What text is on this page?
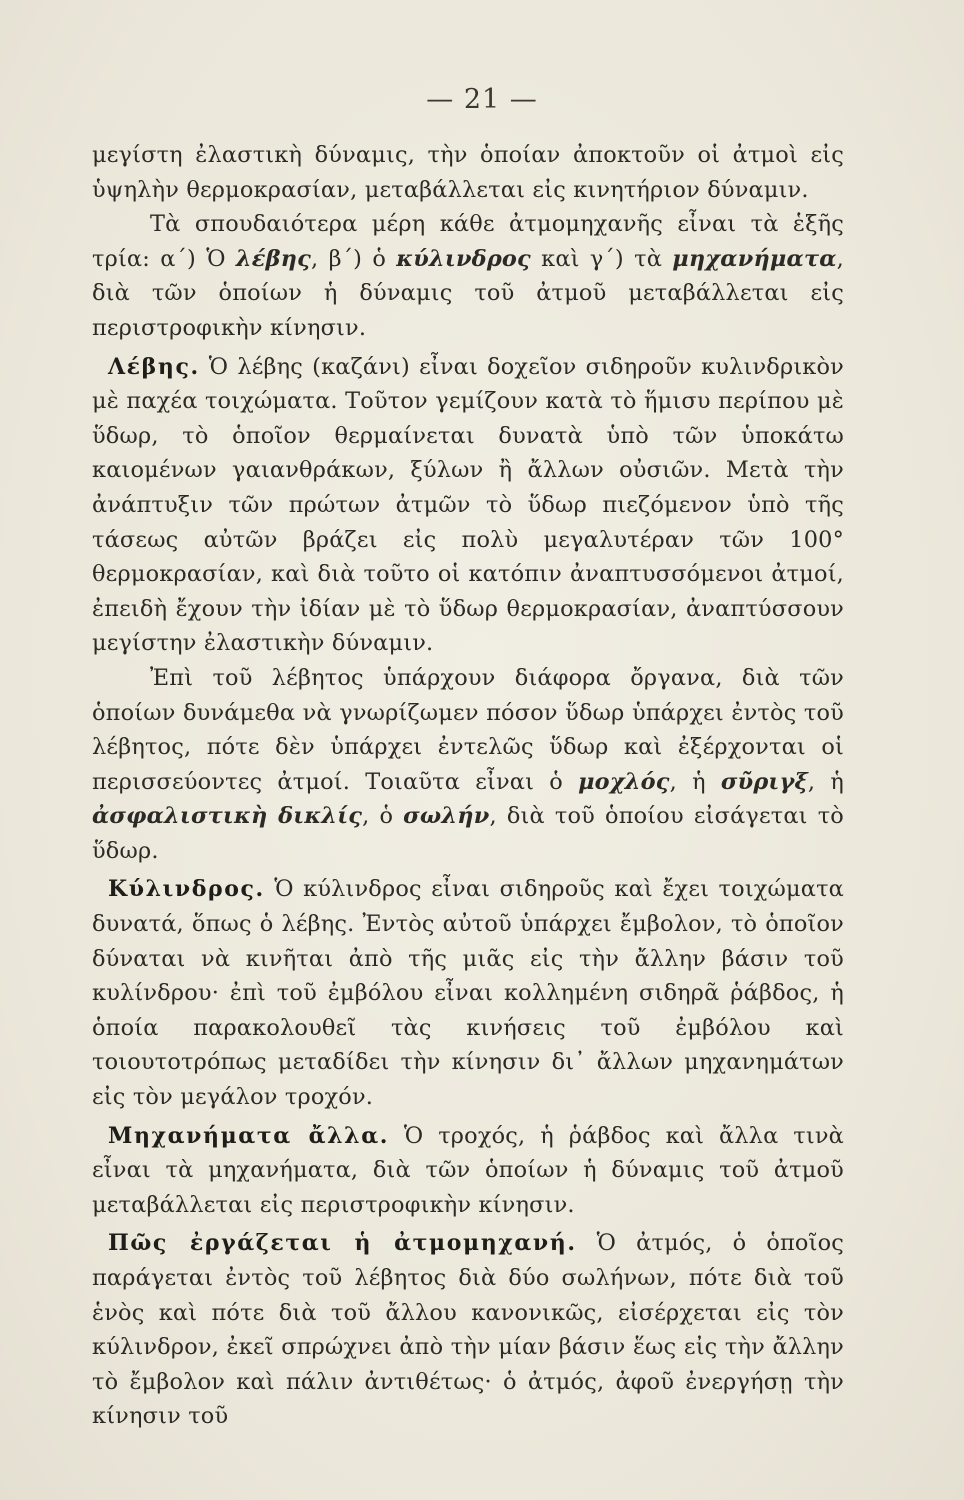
— 21 —

μεγίστη ἐλαστικὴ δύναμις, τὴν ὁποίαν ἀποκτοῦν οἱ ἀτμοὶ εἰς ὑψηλὴν θερμοκρασίαν, μεταβάλλεται εἰς κινητήριον δύναμιν.

Τὰ σπουδαιότερα μέρη κάθε ἀτμομηχανῆς εἶναι τὰ ἑξῆς τρία: α΄) Ὁ λέβης, β΄) ὁ κύλινδρος καὶ γ΄) τὰ μηχανήματα, διὰ τῶν ὁποίων ἡ δύναμις τοῦ ἀτμοῦ μεταβάλλεται εἰς περιστροφικὴν κίνησιν.

Λέβης. Ὁ λέβης (καζάνι) εἶναι δοχεῖον σιδηροῦν κυλινδρικὸν μὲ παχέα τοιχώματα. Τοῦτον γεμίζουν κατὰ τὸ ἥμισυ περίπου μὲ ὕδωρ, τὸ ὁποῖον θερμαίνεται δυνατὰ ὑπὸ τῶν ὑποκάτω καιομένων γαιανθράκων, ξύλων ἢ ἄλλων οὐσιῶν. Μετὰ τὴν ἀνάπτυξιν τῶν πρώτων ἀτμῶν τὸ ὕδωρ πιεζόμενον ὑπὸ τῆς τάσεως αὐτῶν βράζει εἰς πολὺ μεγαλυτέραν τῶν 100° θερμοκρασίαν, καὶ διὰ τοῦτο οἱ κατόπιν ἀναπτυσσόμενοι ἀτμοί, ἐπειδὴ ἔχουν τὴν ἰδίαν μὲ τὸ ὕδωρ θερμοκρασίαν, ἀναπτύσσουν μεγίστην ἐλαστικὴν δύναμιν.

Ἐπὶ τοῦ λέβητος ὑπάρχουν διάφορα ὄργανα, διὰ τῶν ὁποίων δυνάμεθα νὰ γνωρίζωμεν πόσον ὕδωρ ὑπάρχει ἐντὸς τοῦ λέβητος, πότε δὲν ὑπάρχει ἐντελῶς ὕδωρ καὶ ἐξέρχονται οἱ περισσεύοντες ἀτμοί. Τοιαῦτα εἶναι ὁ μοχλός, ἡ σῦριγξ, ἡ ἀσφαλιστικὴ δικλίς, ὁ σωλήν, διὰ τοῦ ὁποίου εἰσάγεται τὸ ὕδωρ.

Κύλινδρος. Ὁ κύλινδρος εἶναι σιδηροῦς καὶ ἔχει τοιχώματα δυνατά, ὅπως ὁ λέβης. Ἐντὸς αὐτοῦ ὑπάρχει ἔμβολον, τὸ ὁποῖον δύναται νὰ κινῆται ἀπὸ τῆς μιᾶς εἰς τὴν ἄλλην βάσιν τοῦ κυλίνδρου· ἐπὶ τοῦ ἐμβόλου εἶναι κολλημένη σιδηρᾶ ῥάβδος, ἡ ὁποία παρακολουθεῖ τὰς κινήσεις τοῦ ἐμβόλου καὶ τοιουτοτρόπως μεταδίδει τὴν κίνησιν δι᾽ ἄλλων μηχανημάτων εἰς τὸν μεγάλον τροχόν.

Μηχανήματα ἄλλα. Ὁ τροχός, ἡ ῥάβδος καὶ ἄλλα τινὰ εἶναι τὰ μηχανήματα, διὰ τῶν ὁποίων ἡ δύναμις τοῦ ἀτμοῦ μεταβάλλεται εἰς περιστροφικὴν κίνησιν.

Πῶς ἐργάζεται ἡ ἀτμομηχανή. Ὁ ἀτμός, ὁ ὁποῖος παράγεται ἐντὸς τοῦ λέβητος διὰ δύο σωλήνων, πότε διὰ τοῦ ἑνὸς καὶ πότε διὰ τοῦ ἄλλου κανονικῶς, εἰσέρχεται εἰς τὸν κύλινδρον, ἐκεῖ σπρώχνει ἀπὸ τὴν μίαν βάσιν ἕως εἰς τὴν ἄλλην τὸ ἔμβολον καὶ πάλιν ἀντιθέτως· ὁ ἀτμός, ἀφοῦ ἐνεργήσῃ τὴν κίνησιν τοῦ
